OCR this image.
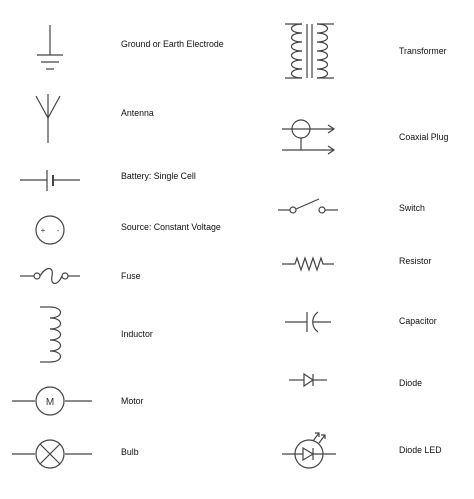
+ -
M
Ground or Earth Electrode
Antenna
Battery: Single Cell
Source: Constant Voltage
Fuse
Inductor
Motor
Bulb
Transformer
Coaxial Plug
Switch
Resistor
Capacitor
Diode
Diode LED
